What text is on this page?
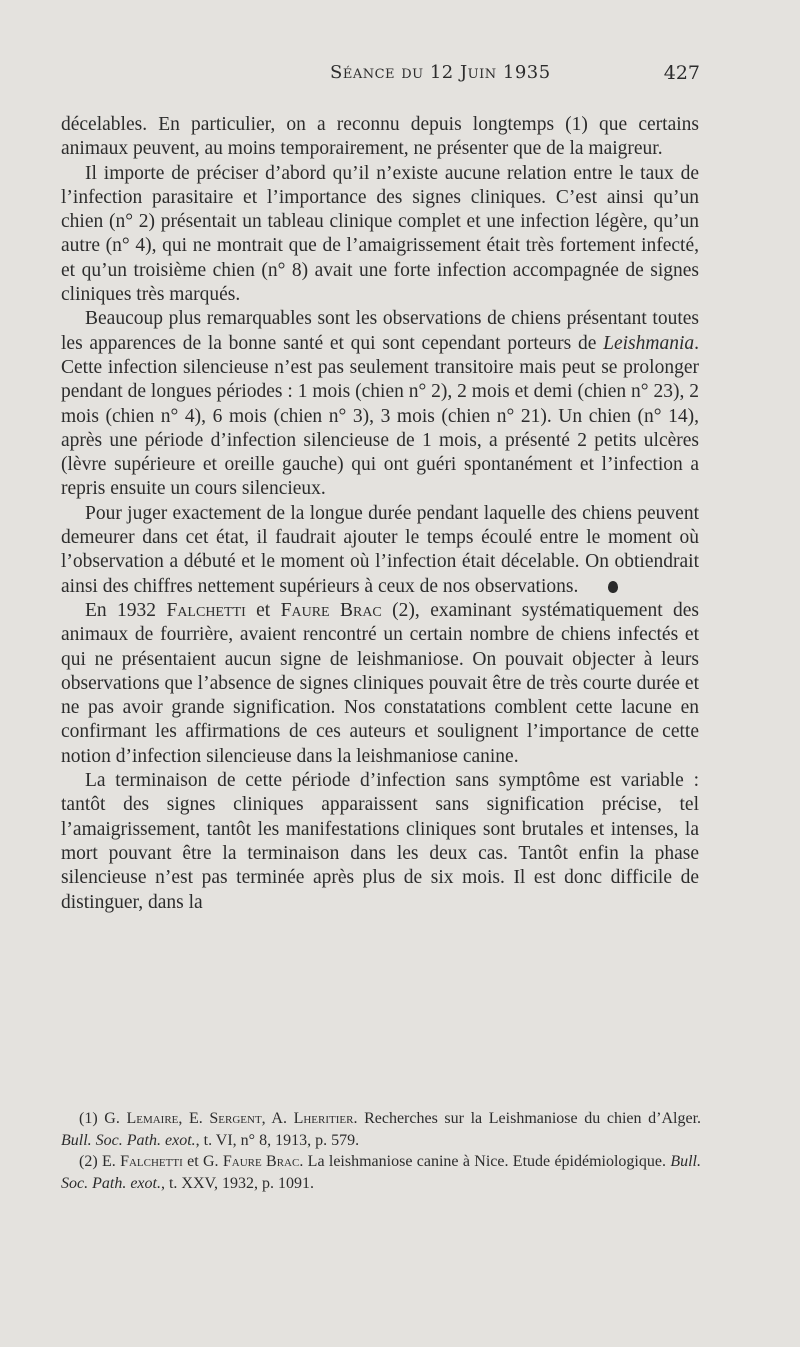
Séance du 12 Juin 1935	427

décelables. En particulier, on a reconnu depuis longtemps (1) que certains animaux peuvent, au moins temporairement, ne présenter que de la maigreur.

Il importe de préciser d’abord qu’il n’existe aucune relation entre le taux de l’infection parasitaire et l’importance des signes cliniques. C’est ainsi qu’un chien (n° 2) présentait un tableau clinique complet et une infection légère, qu’un autre (n° 4), qui ne montrait que de l’amaigrissement était très fortement infecté, et qu’un troisième chien (n° 8) avait une forte infection accompagnée de signes cliniques très marqués.

Beaucoup plus remarquables sont les observations de chiens présentant toutes les apparences de la bonne santé et qui sont cependant porteurs de Leishmania. Cette infection silencieuse n’est pas seulement transitoire mais peut se prolonger pendant de longues périodes : 1 mois (chien n° 2), 2 mois et demi (chien n° 23), 2 mois (chien n° 4), 6 mois (chien n° 3), 3 mois (chien n° 21). Un chien (n° 14), après une période d’infection silencieuse de 1 mois, a présenté 2 petits ulcères (lèvre supérieure et oreille gauche) qui ont guéri spontanément et l’infection a repris ensuite un cours silencieux.

Pour juger exactement de la longue durée pendant laquelle des chiens peuvent demeurer dans cet état, il faudrait ajouter le temps écoulé entre le moment où l’observation a débuté et le moment où l’infection était décelable. On obtiendrait ainsi des chiffres nettement supérieurs à ceux de nos observations.

En 1932 Falchetti et Faure Brac (2), examinant systématiquement des animaux de fourrière, avaient rencontré un certain nombre de chiens infectés et qui ne présentaient aucun signe de leishmaniose. On pouvait objecter à leurs observations que l’absence de signes cliniques pouvait être de très courte durée et ne pas avoir grande signification. Nos constatations comblent cette lacune en confirmant les affirmations de ces auteurs et soulignent l’importance de cette notion d’infection silencieuse dans la leishmaniose canine.

La terminaison de cette période d’infection sans symptôme est variable : tantôt des signes cliniques apparaissent sans signification précise, tel l’amaigrissement, tantôt les manifestations cliniques sont brutales et intenses, la mort pouvant être la terminaison dans les deux cas. Tantôt enfin la phase silencieuse n’est pas terminée après plus de six mois. Il est donc difficile de distinguer, dans la

(1) G. Lemaire, E. Sergent, A. Lheritier. Recherches sur la Leishmaniose du chien d’Alger. Bull. Soc. Path. exot., t. VI, n° 8, 1913, p. 579.

(2) E. Falchetti et G. Faure Brac. La leishmaniose canine à Nice. Etude épidémiologique. Bull. Soc. Path. exot., t. XXV, 1932, p. 1091.
